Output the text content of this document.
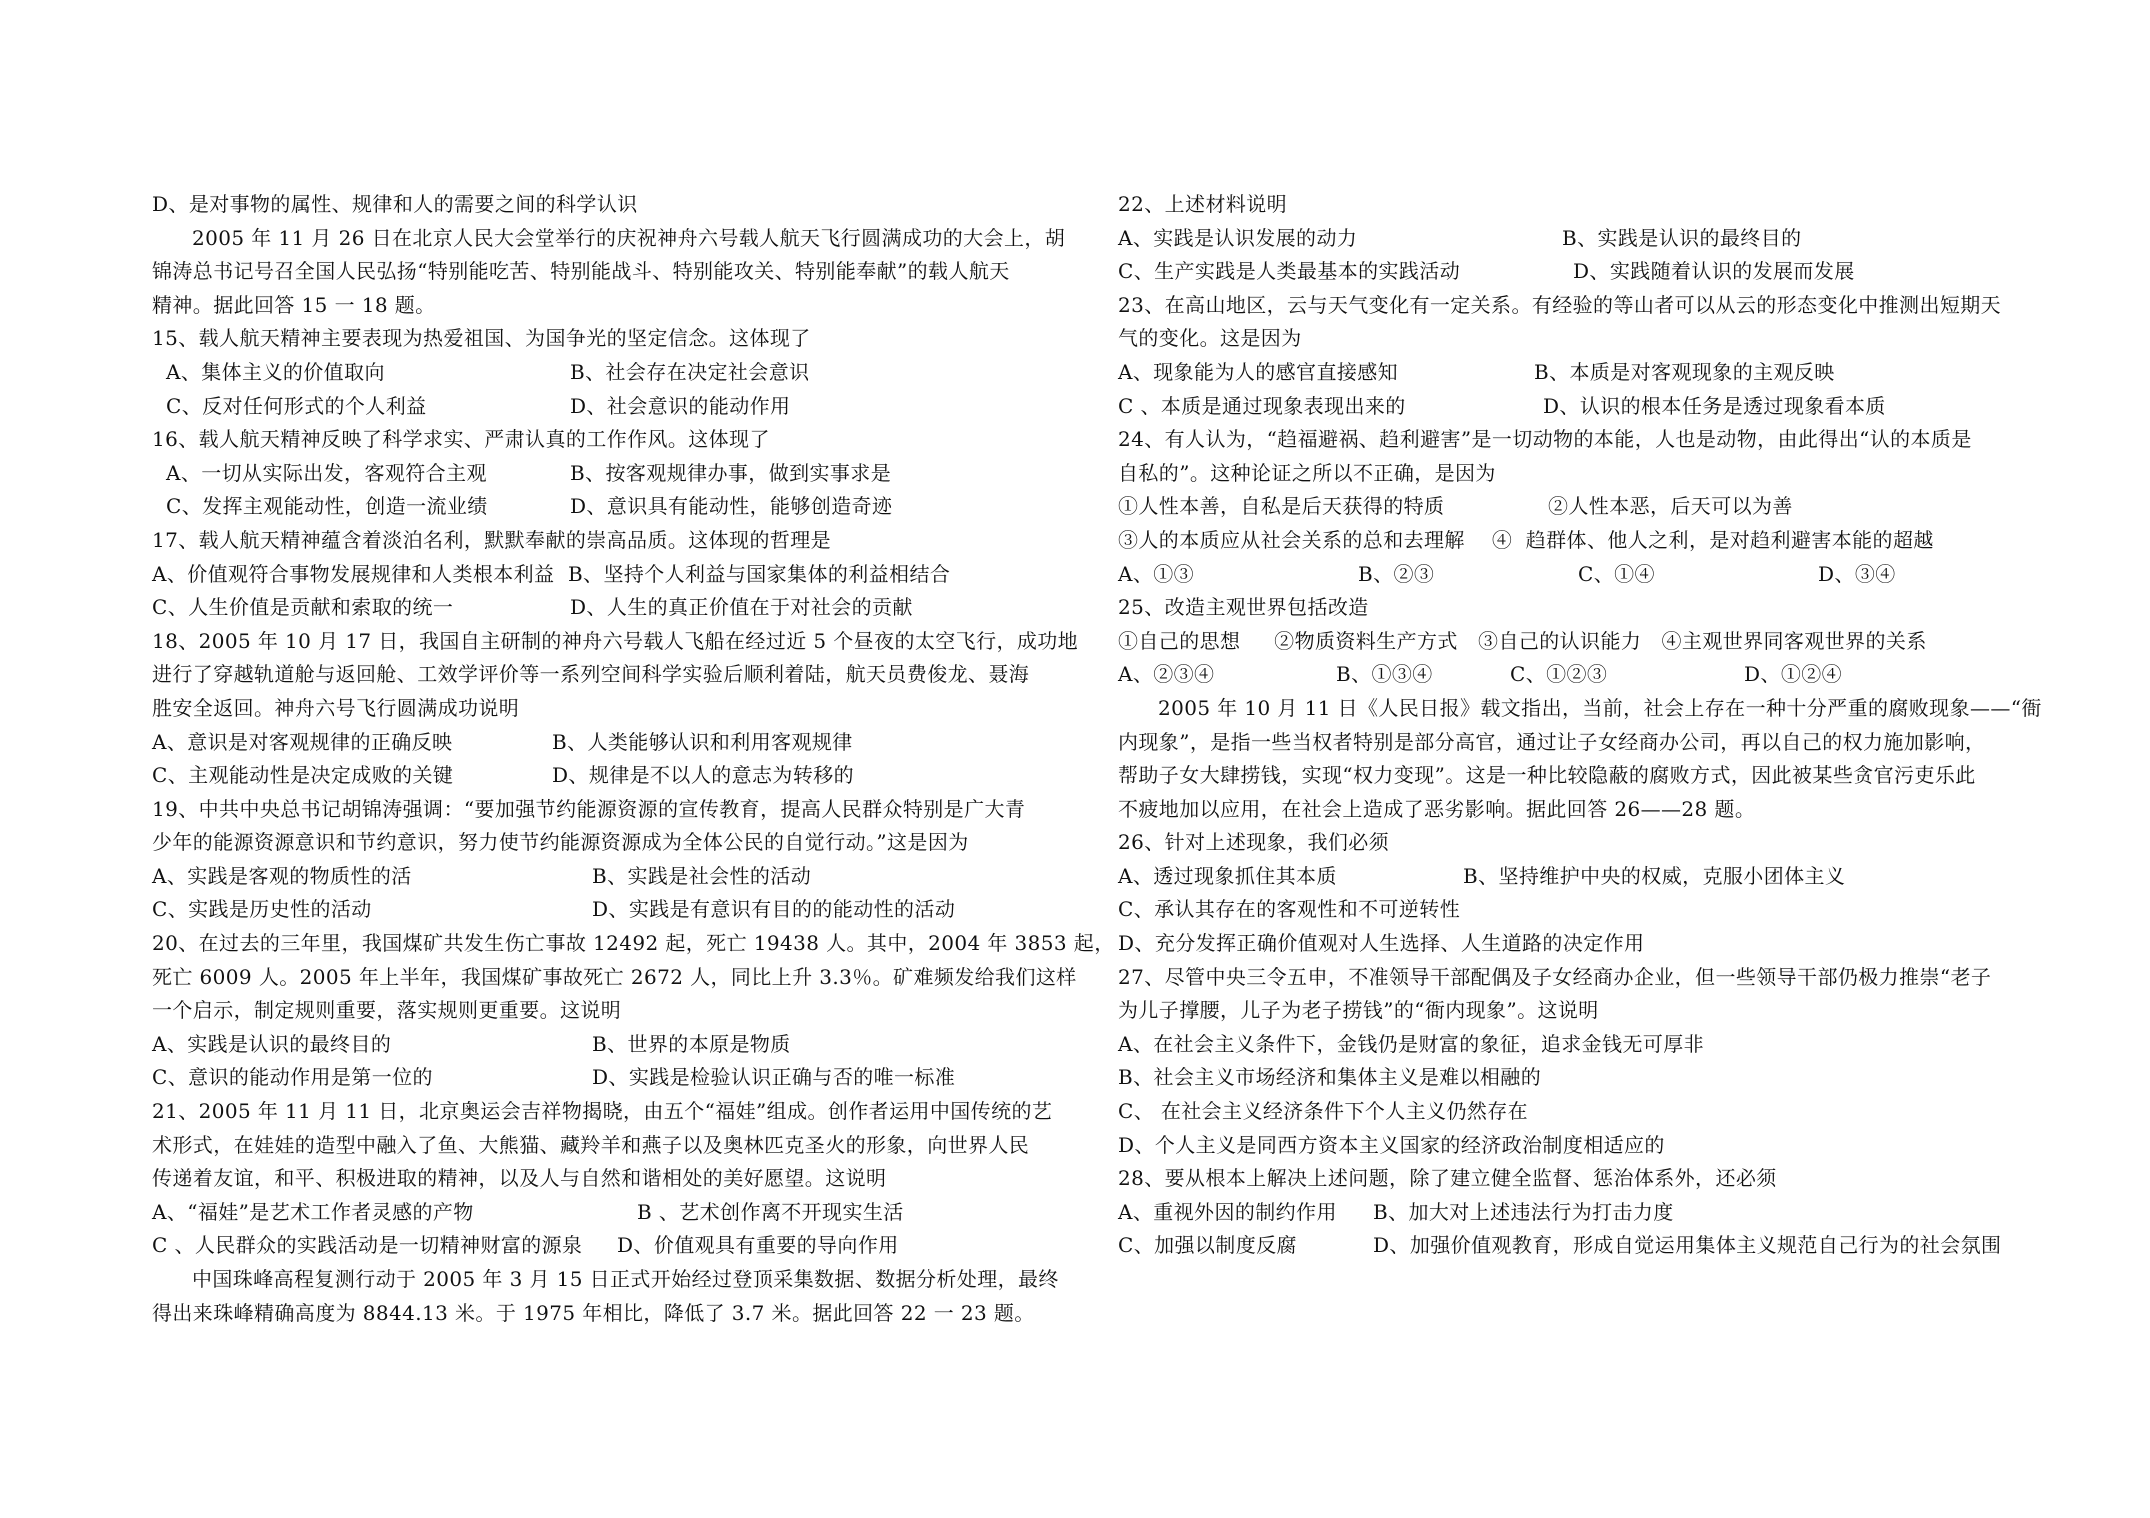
D、是对事物的属性、规律和人的需要之间的科学认识
2005 年 11 月 26 日在北京人民大会堂举行的庆祝神舟六号载人航天飞行圆满成功的大会上，胡
锦涛总书记号召全国人民弘扬“特别能吃苦、特别能战斗、特别能攻关、特别能奉献”的载人航天
精神。据此回答 15 一 18 题。
15、载人航天精神主要表现为热爱祖国、为国争光的坚定信念。这体现了

A、集体主义的价值取向

	B、社会存在决定社会意识

C、反对任何形式的个人利益

	D、社会意识的能动作用

16、载人航天精神反映了科学求实、严肃认真的工作作风。这体现了

A、一切从实际出发，客观符合主观

	B、按客观规律办事，做到实事求是

C、发挥主观能动性，创造一流业绩

	D、意识具有能动性，能够创造奇迹

17、载人航天精神蕴含着淡泊名利，默默奉献的崇高品质。这体现的哲理是
A、价值观符合事物发展规律和人类根本利益  B、坚持个人利益与国家集体的利益相结合

C、人生价值是贡献和索取的统一

	D、人生的真正价值在于对社会的贡献

18、2005 年 10 月 17 日，我国自主研制的神舟六号载人飞船在经过近 5 个昼夜的太空飞行，成功地
进行了穿越轨道舱与返回舱、工效学评价等一系列空间科学实验后顺利着陆，航天员费俊龙、聂海
胜安全返回。神舟六号飞行圆满成功说明

A、意识是对客观规律的正确反映

	B、人类能够认识和利用客观规律

C、主观能动性是决定成败的关键

	D、规律是不以人的意志为转移的

19、中共中央总书记胡锦涛强调：“要加强节约能源资源的宣传教育，提高人民群众特别是广大青
少年的能源资源意识和节约意识，努力使节约能源资源成为全体公民的自觉行动。”这是因为

A、实践是客观的物质性的活

	B、实践是社会性的活动

C、实践是历史性的活动

	D、实践是有意识有目的的能动性的活动

20、在过去的三年里，我国煤矿共发生伤亡事故 12492 起，死亡 19438 人。其中，2004 年 3853 起，
死亡 6009 人。2005 年上半年，我国煤矿事故死亡 2672 人，同比上升 3.3％。矿难频发给我们这样
一个启示，制定规则重要，落实规则更重要。这说明

A、实践是认识的最终目的

	B、世界的本原是物质

C、意识的能动作用是第一位的

	D、实践是检验认识正确与否的唯一标准

21、2005 年 11 月 11 日，北京奥运会吉祥物揭晓，由五个“福娃”组成。创作者运用中国传统的艺
术形式，在娃娃的造型中融入了鱼、大熊猫、藏羚羊和燕子以及奥林匹克圣火的形象，向世界人民
传递着友谊，和平、积极进取的精神，以及人与自然和谐相处的美好愿望。这说明

A、“福娃”是艺术工作者灵感的产物

	B 、艺术创作离不开现实生活

C 、人民群众的实践活动是一切精神财富的源泉

D、价值观具有重要的导向作用

中国珠峰高程复测行动于 2005 年 3 月 15 日正式开始经过登顶采集数据、数据分析处理，最终
得出来珠峰精确高度为 8844.13 米。于 1975 年相比，降低了 3.7 米。据此回答 22 一 23 题。
22、上述材料说明

A、实践是认识发展的动力

	B、实践是认识的最终目的

C、生产实践是人类最基本的实践活动

	D、实践随着认识的发展而发展

23、在高山地区，云与天气变化有一定关系。有经验的等山者可以从云的形态变化中推测出短期天
气的变化。这是因为

A、现象能为人的感官直接感知

	B、本质是对客观现象的主观反映

C 、本质是通过现象表现出来的

	D、认识的根本任务是透过现象看本质

24、有人认为，“趋福避祸、趋利避害”是一切动物的本能，人也是动物，由此得出“认的本质是
自私的”。这种论证之所以不正确，是因为

①人性本善，自私是后天获得的特质

	②人性本恶，后天可以为善

③人的本质应从社会关系的总和去理解    ④  趋群体、他人之利，是对趋利避害本能的超越

A、①③

	B、②③

	C、①④

	D、③④

25、改造主观世界包括改造
①自己的思想     ②物质资料生产方式   ③自己的认识能力   ④主观世界同客观世界的关系

A、②③④

	B、①③④

	C、①②③

	D、①②④

2005 年 10 月 11 日《人民日报》载文指出，当前，社会上存在一种十分严重的腐败现象——“衙
内现象”，是指一些当权者特别是部分高官，通过让子女经商办公司，再以自己的权力施加影响，
帮助子女大肆捞钱，实现“权力变现”。这是一种比较隐蔽的腐败方式，因此被某些贪官污吏乐此
不疲地加以应用，在社会上造成了恶劣影响。据此回答 26——28 题。
26、针对上述现象，我们必须

A、透过现象抓住其本质

	B、坚持维护中央的权威，克服小团体主义

C、承认其存在的客观性和不可逆转性
D、充分发挥正确价值观对人生选择、人生道路的决定作用
27、尽管中央三令五申，不准领导干部配偶及子女经商办企业，但一些领导干部仍极力推崇“老子
为儿子撑腰，儿子为老子捞钱”的“衙内现象”。这说明
A、在社会主义条件下，金钱仍是财富的象征，追求金钱无可厚非
B、社会主义市场经济和集体主义是难以相融的
C、 在社会主义经济条件下个人主义仍然存在
D、个人主义是同西方资本主义国家的经济政治制度相适应的
28、要从根本上解决上述问题，除了建立健全监督、惩治体系外，还必须

A、重视外因的制约作用

B、加大对上述违法行为打击力度

C、加强以制度反腐

	D、加强价值观教育，形成自觉运用集体主义规范自己行为的社会氛围
